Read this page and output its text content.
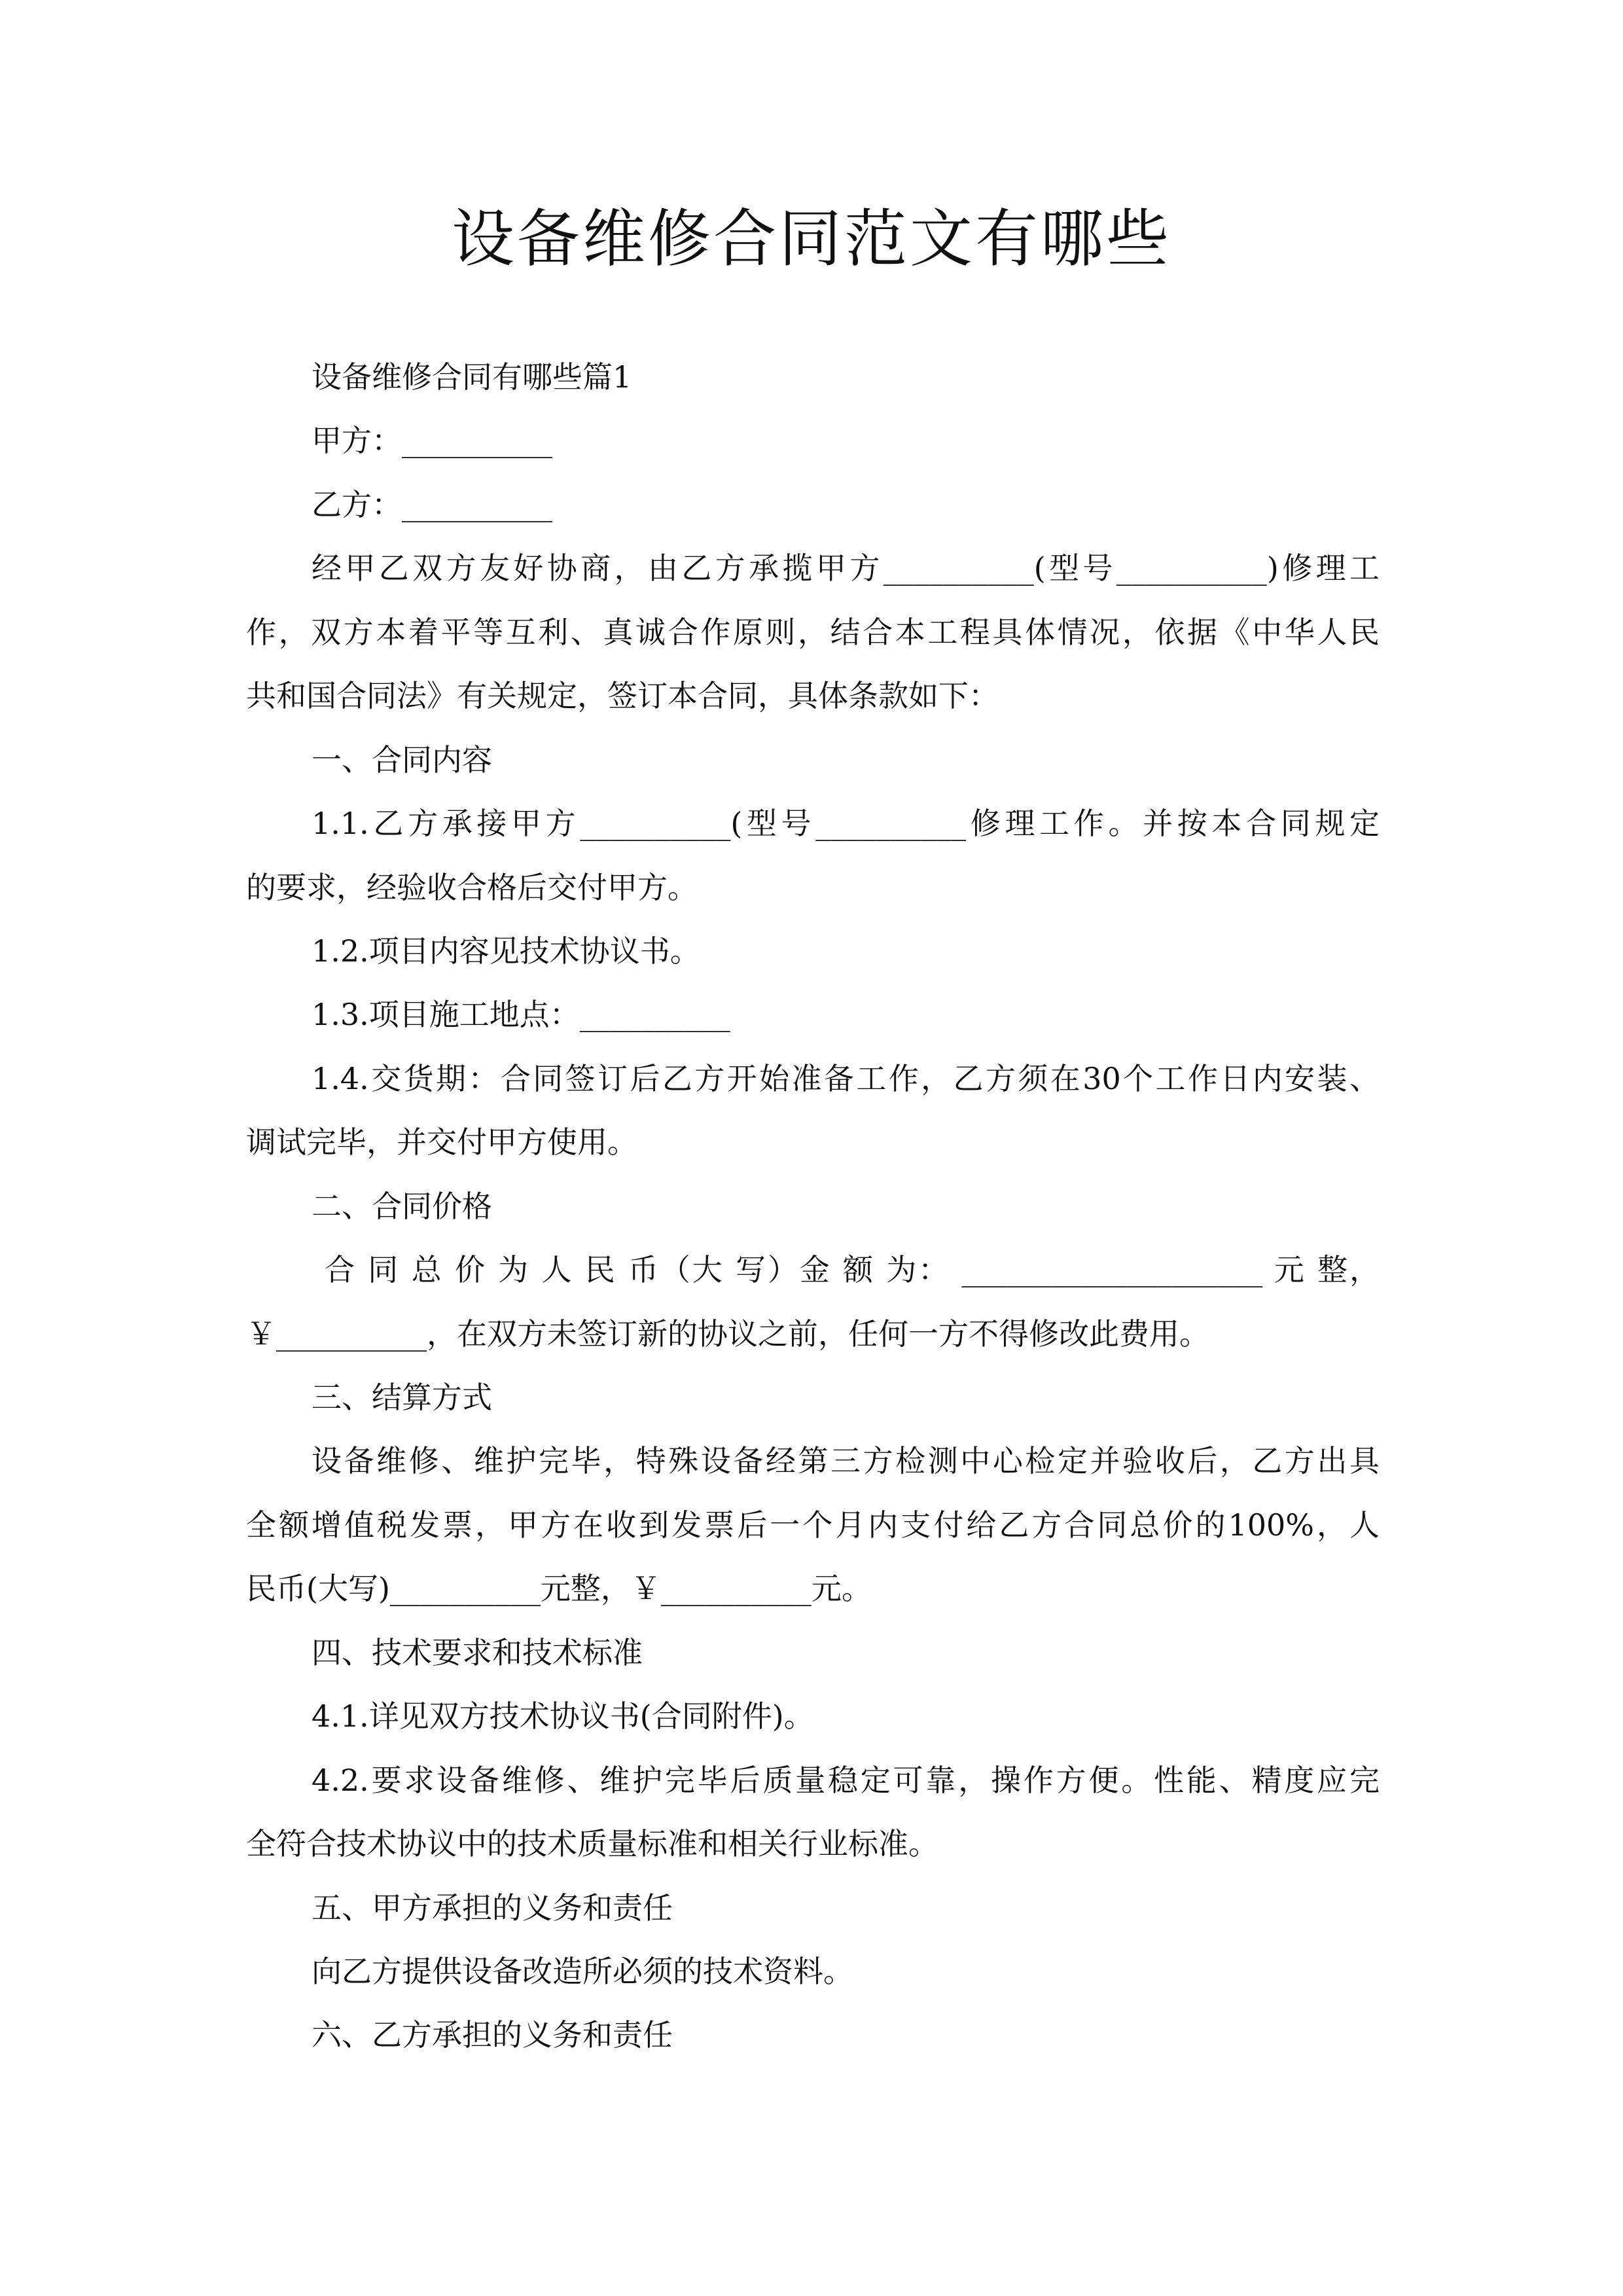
设备维修合同范文有哪些
设备维修合同有哪些篇1
甲方：__________
乙方：__________
经甲乙双方友好协商，由乙方承揽甲方__________(型号__________)修理工
作，双方本着平等互利、真诚合作原则，结合本工程具体情况，依据《中华人民
共和国合同法》有关规定，签订本合同，具体条款如下：
一、合同内容
1.1.乙方承接甲方__________(型号__________修理工作。并按本合同规定
的要求，经验收合格后交付甲方。
1.2.项目内容见技术协议书。
1.3.项目施工地点：__________
1.4.交货期：合同签订后乙方开始准备工作，乙方须在30个工作日内安装、
调试完毕，并交付甲方使用。
二、合同价格
合 同 总 价 为 人 民 币（大 写）金 额 为： ____________________ 元 整，
￥__________，在双方未签订新的协议之前，任何一方不得修改此费用。
三、结算方式
设备维修、维护完毕，特殊设备经第三方检测中心检定并验收后，乙方出具
全额增值税发票，甲方在收到发票后一个月内支付给乙方合同总价的100%，人
民币(大写)__________元整，￥__________元。
四、技术要求和技术标准
4.1.详见双方技术协议书(合同附件)。
4.2.要求设备维修、维护完毕后质量稳定可靠，操作方便。性能、精度应完
全符合技术协议中的技术质量标准和相关行业标准。
五、甲方承担的义务和责任
向乙方提供设备改造所必须的技术资料。
六、乙方承担的义务和责任
